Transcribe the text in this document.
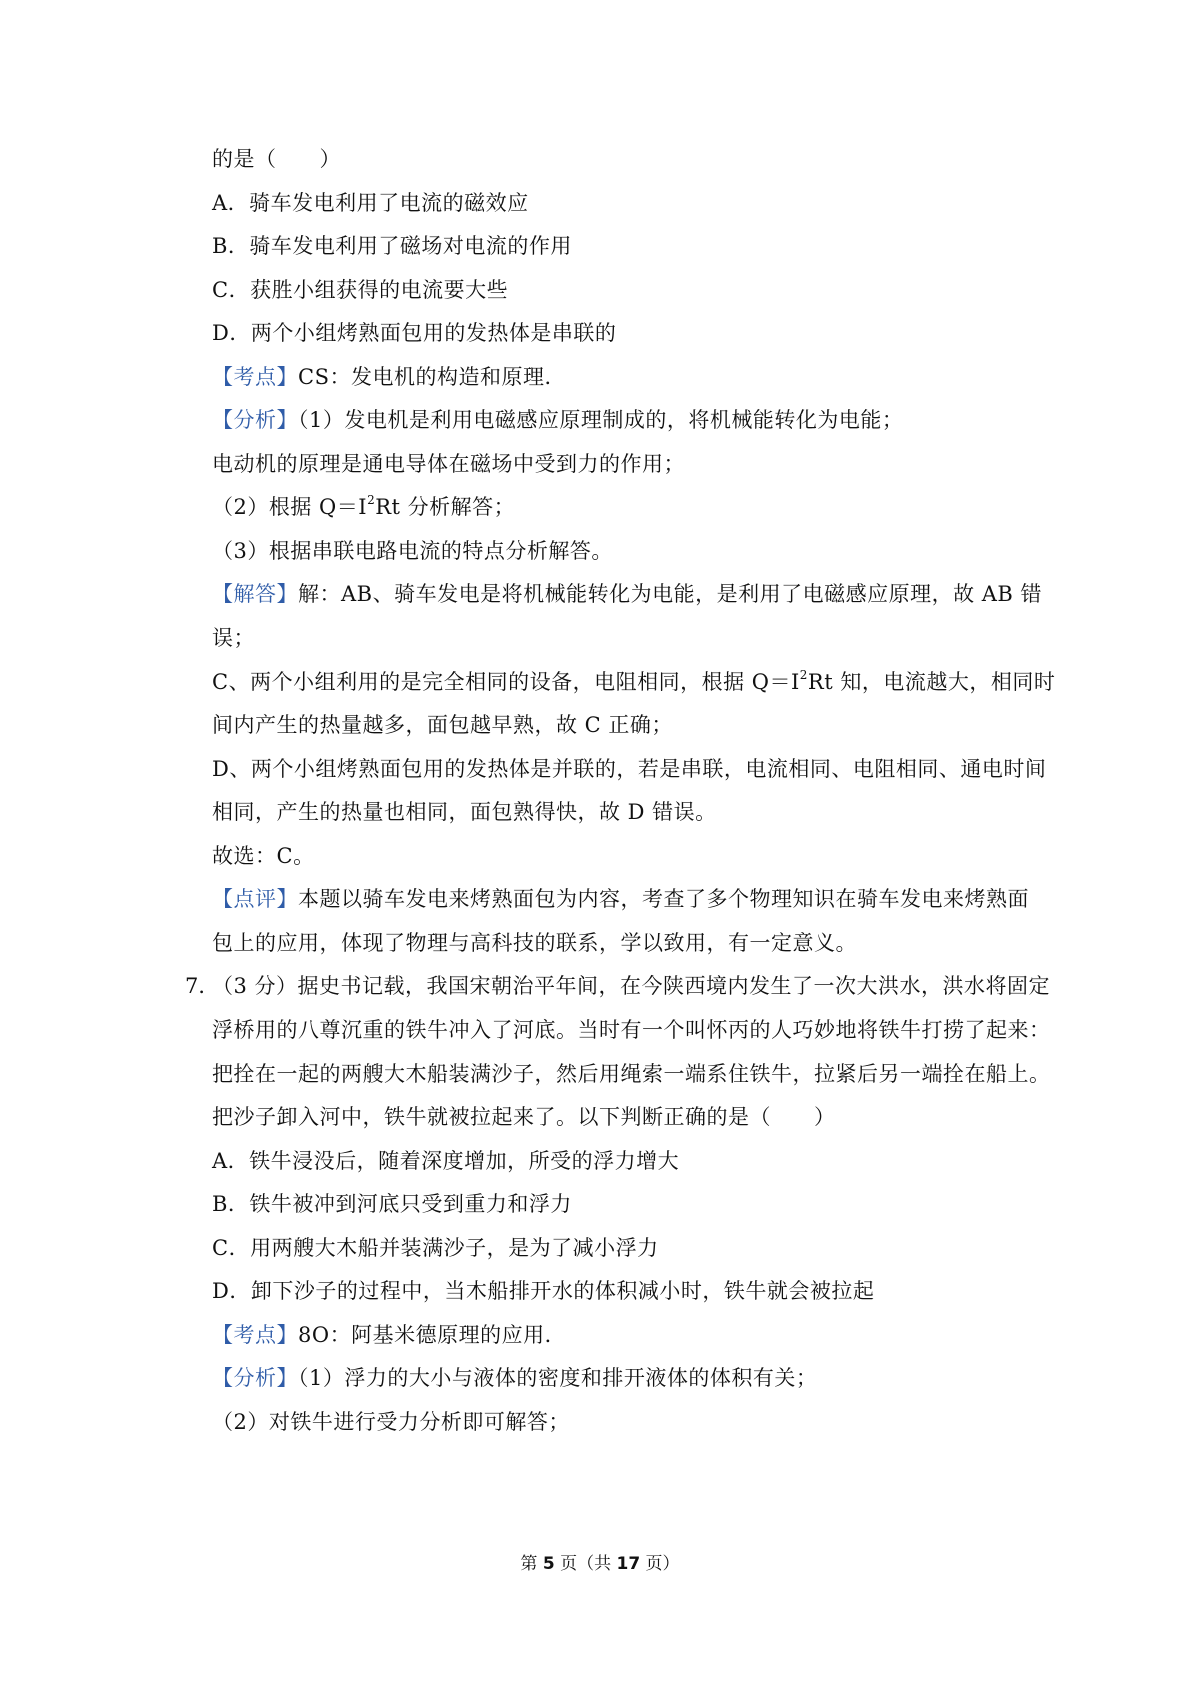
的是（　　）
A．骑车发电利用了电流的磁效应
B．骑车发电利用了磁场对电流的作用
C．获胜小组获得的电流要大些
D．两个小组烤熟面包用的发热体是串联的
【考点】CS：发电机的构造和原理．
【分析】（1）发电机是利用电磁感应原理制成的，将机械能转化为电能；
电动机的原理是通电导体在磁场中受到力的作用；
（2）根据 $Q=I^2Rt$ 分析解答；
（3）根据串联电路电流的特点分析解答。
【解答】解：AB、骑车发电是将机械能转化为电能，是利用了电磁感应原理，故 AB 错
误；
C、两个小组利用的是完全相同的设备，电阻相同，根据 $Q=I^2Rt$ 知，电流越大，相同时
间内产生的热量越多，面包越早熟，故 C 正确；
D、两个小组烤熟面包用的发热体是并联的，若是串联，电流相同、电阻相同、通电时间
相同，产生的热量也相同，面包熟得快，故 D 错误。
故选：C。
【点评】本题以骑车发电来烤熟面包为内容，考查了多个物理知识在骑车发电来烤熟面
包上的应用，体现了物理与高科技的联系，学以致用，有一定意义。
7．
（3 分）据史书记载，我国宋朝治平年间，在今陕西境内发生了一次大洪水，洪水将固定
浮桥用的八尊沉重的铁牛冲入了河底。当时有一个叫怀丙的人巧妙地将铁牛打捞了起来：
把拴在一起的两艘大木船装满沙子，然后用绳索一端系住铁牛，拉紧后另一端拴在船上。
把沙子卸入河中，铁牛就被拉起来了。以下判断正确的是（　　）
A．铁牛浸没后，随着深度增加，所受的浮力增大
B．铁牛被冲到河底只受到重力和浮力
C．用两艘大木船并装满沙子，是为了减小浮力
D．卸下沙子的过程中，当木船排开水的体积减小时，铁牛就会被拉起
【考点】8O：阿基米德原理的应用．
【分析】（1）浮力的大小与液体的密度和排开液体的体积有关；
（2）对铁牛进行受力分析即可解答；
第 5 页（共 17 页）
